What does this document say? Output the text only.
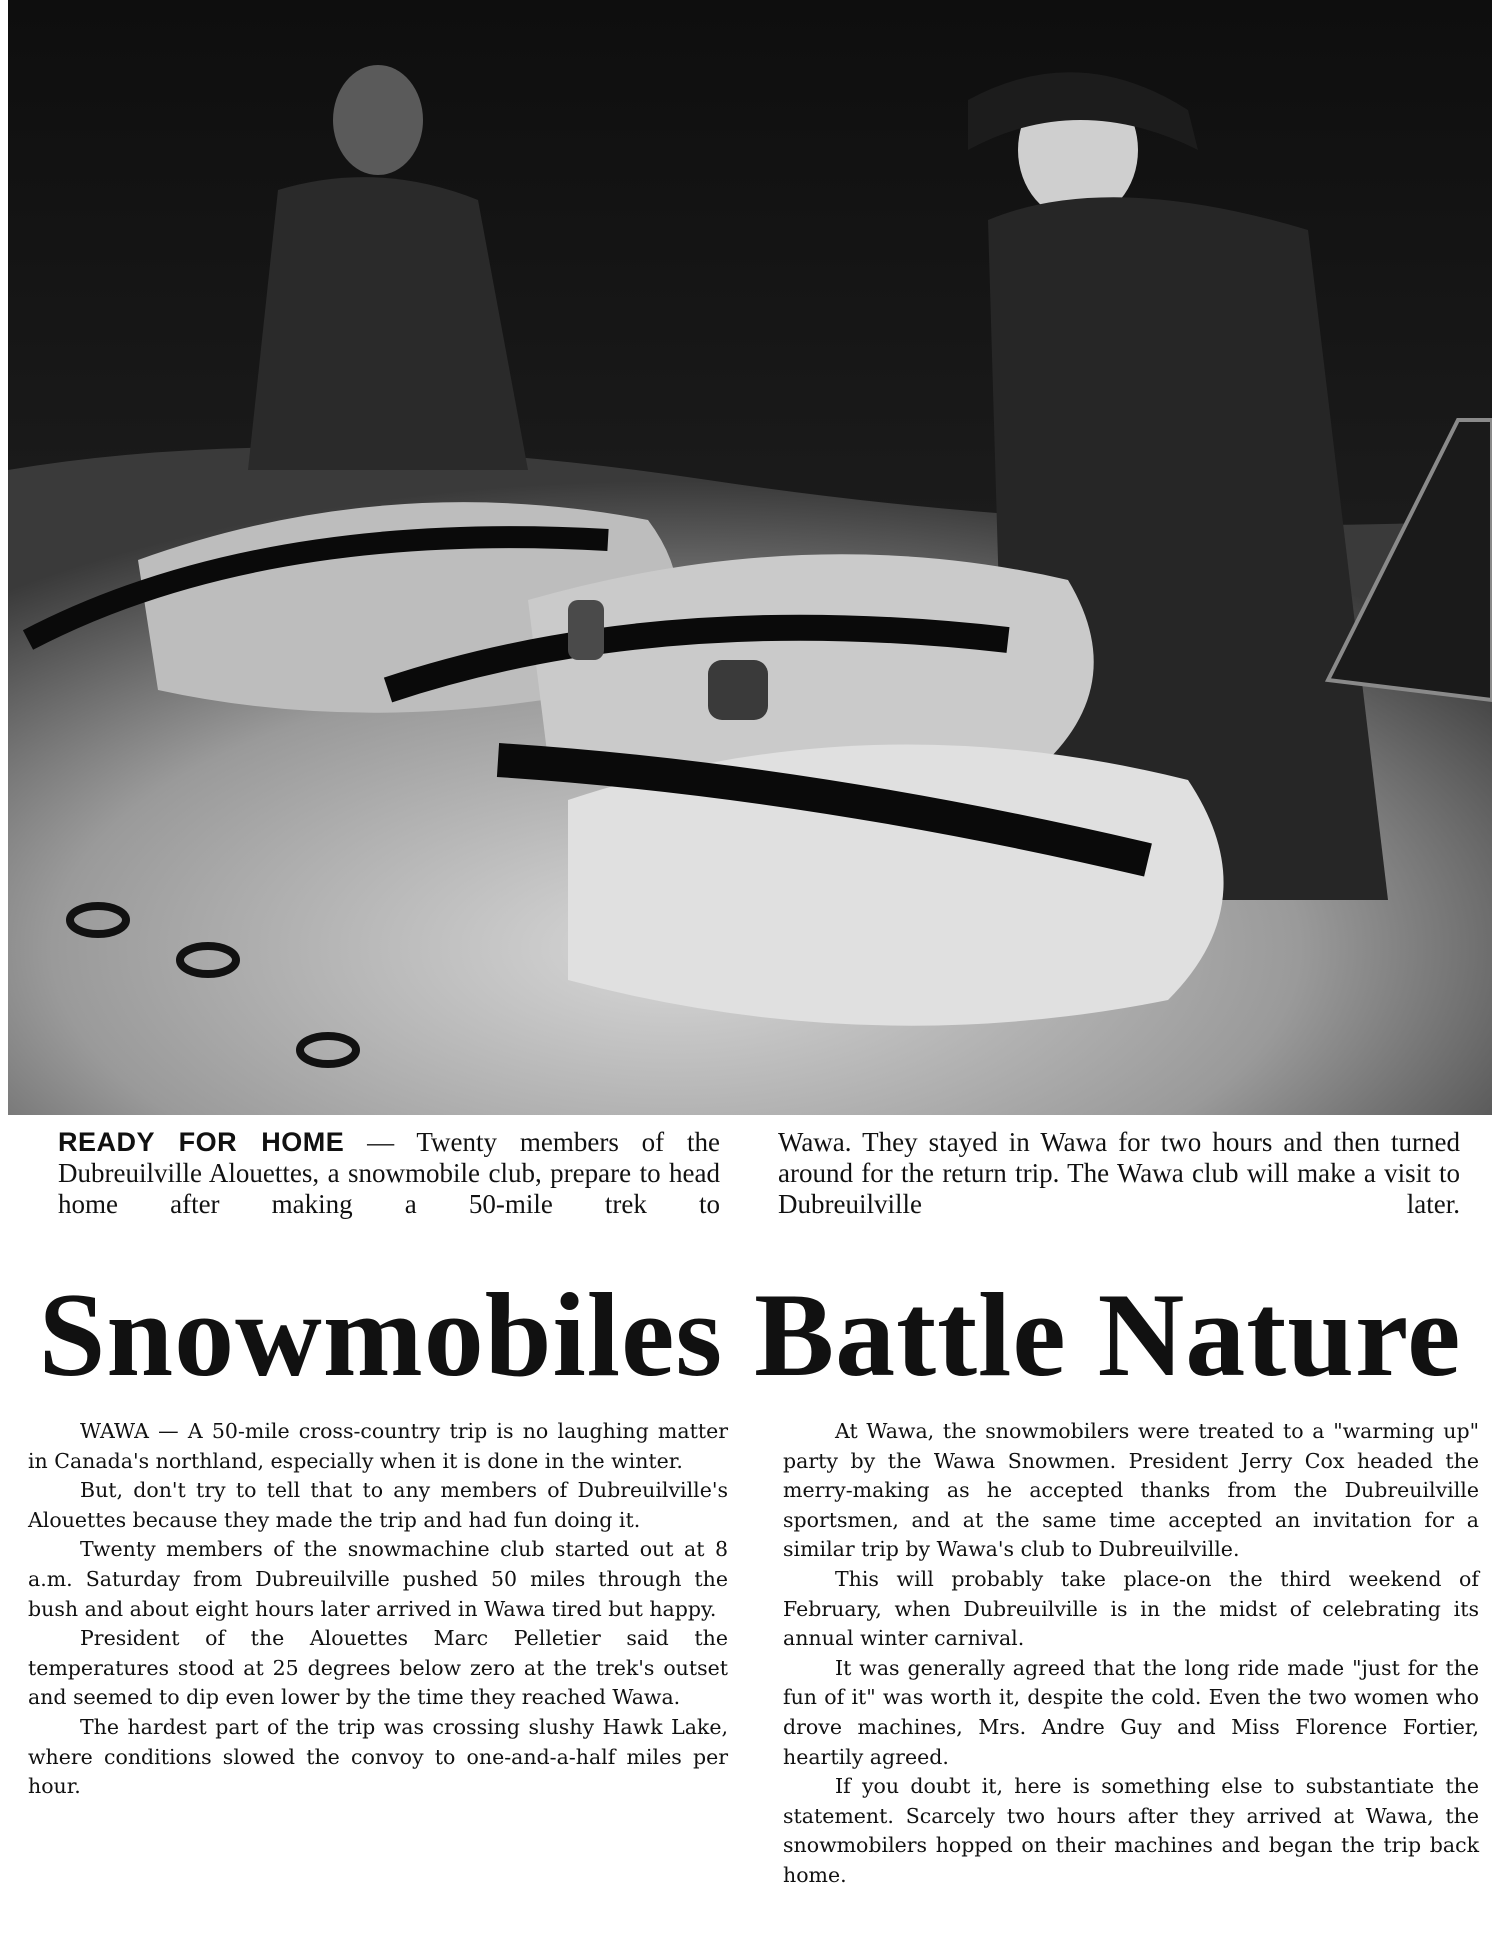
READY FOR HOME — Twenty members of the Dubreuilville Alouettes, a snowmobile club, prepare to head home after making a 50-mile trek to
Wawa. They stayed in Wawa for two hours and then turned around for the return trip. The Wawa club will make a visit to Dubreuilville later.
Snowmobiles Battle Nature

WAWA — A 50-mile cross-country trip is no laughing matter in Canada's northland, especially when it is done in the winter.

But, don't try to tell that to any members of Dubreuilville's Alouettes because they made the trip and had fun doing it.

Twenty members of the snowmachine club started out at 8 a.m. Saturday from Dubreuilville pushed 50 miles through the bush and about eight hours later arrived in Wawa tired but happy.

President of the Alouettes Marc Pelletier said the temperatures stood at 25 degrees below zero at the trek's outset and seemed to dip even lower by the time they reached Wawa.

The hardest part of the trip was crossing slushy Hawk Lake, where conditions slowed the convoy to one-and-a-half miles per hour.

At Wawa, the snowmobilers were treated to a "warming up" party by the Wawa Snowmen. President Jerry Cox headed the merry-making as he accepted thanks from the Dubreuilville sportsmen, and at the same time accepted an invitation for a similar trip by Wawa's club to Dubreuilville.

This will probably take place-on the third weekend of February, when Dubreuilville is in the midst of celebrating its annual winter carnival.

It was generally agreed that the long ride made "just for the fun of it" was worth it, despite the cold. Even the two women who drove machines, Mrs. Andre Guy and Miss Florence Fortier, heartily agreed.

If you doubt it, here is something else to substantiate the statement. Scarcely two hours after they arrived at Wawa, the snowmobilers hopped on their machines and began the trip back home.
